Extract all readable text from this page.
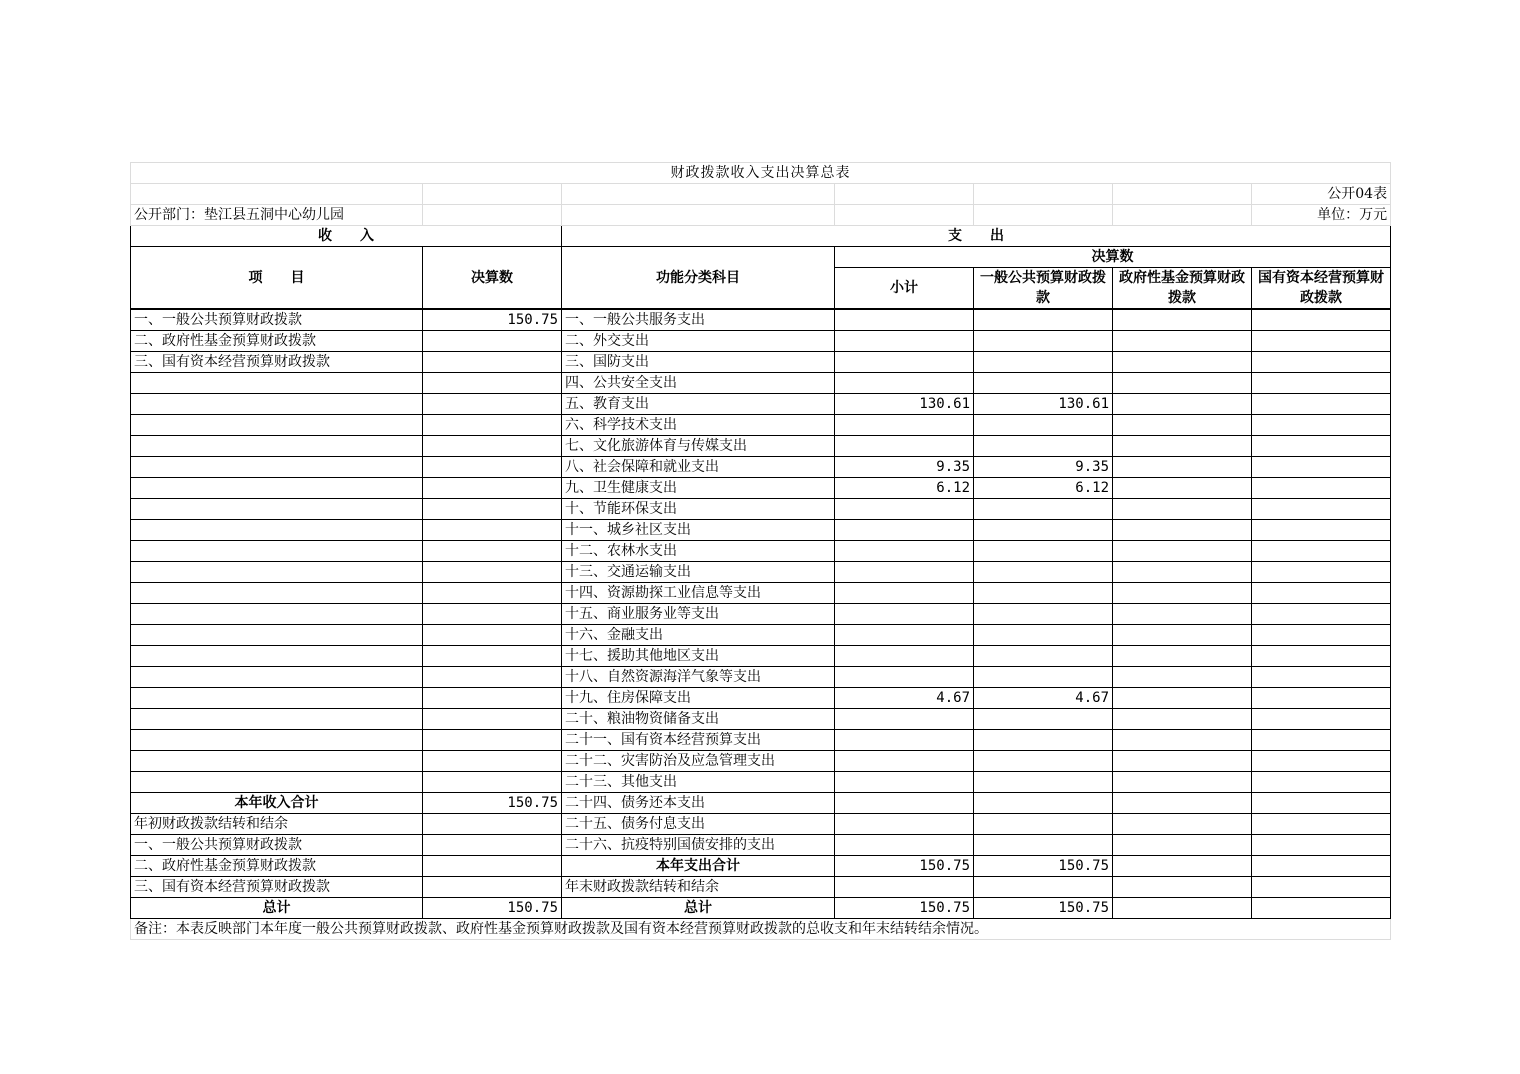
财政拨款收入支出决算总表						
						公开04表
公开部门：垫江县五洞中心幼儿园						单位：万元
收　　入		支　　出				
项　　目	决算数	功能分类科目	决算数			
			小计	一般公共预算财政拨款	政府性基金预算财政拨款	国有资本经营预算财政拨款
一、一般公共预算财政拨款	150.75	一、一般公共服务支出				
二、政府性基金预算财政拨款		二、外交支出				
三、国有资本经营预算财政拨款		三、国防支出				
		四、公共安全支出				
		五、教育支出	130.61	130.61		
		六、科学技术支出				
		七、文化旅游体育与传媒支出				
		八、社会保障和就业支出	9.35	9.35		
		九、卫生健康支出	6.12	6.12		
		十、节能环保支出				
		十一、城乡社区支出				
		十二、农林水支出				
		十三、交通运输支出				
		十四、资源勘探工业信息等支出				
		十五、商业服务业等支出				
		十六、金融支出				
		十七、援助其他地区支出				
		十八、自然资源海洋气象等支出				
		十九、住房保障支出	4.67	4.67		
		二十、粮油物资储备支出				
		二十一、国有资本经营预算支出				
		二十二、灾害防治及应急管理支出				
		二十三、其他支出				
本年收入合计	150.75	二十四、债务还本支出				
年初财政拨款结转和结余		二十五、债务付息支出				
一、一般公共预算财政拨款		二十六、抗疫特别国债安排的支出				
二、政府性基金预算财政拨款		本年支出合计	150.75	150.75		
三、国有资本经营预算财政拨款		年末财政拨款结转和结余				
总计	150.75	总计	150.75	150.75		
备注：本表反映部门本年度一般公共预算财政拨款、政府性基金预算财政拨款及国有资本经营预算财政拨款的总收支和年末结转结余情况。						
